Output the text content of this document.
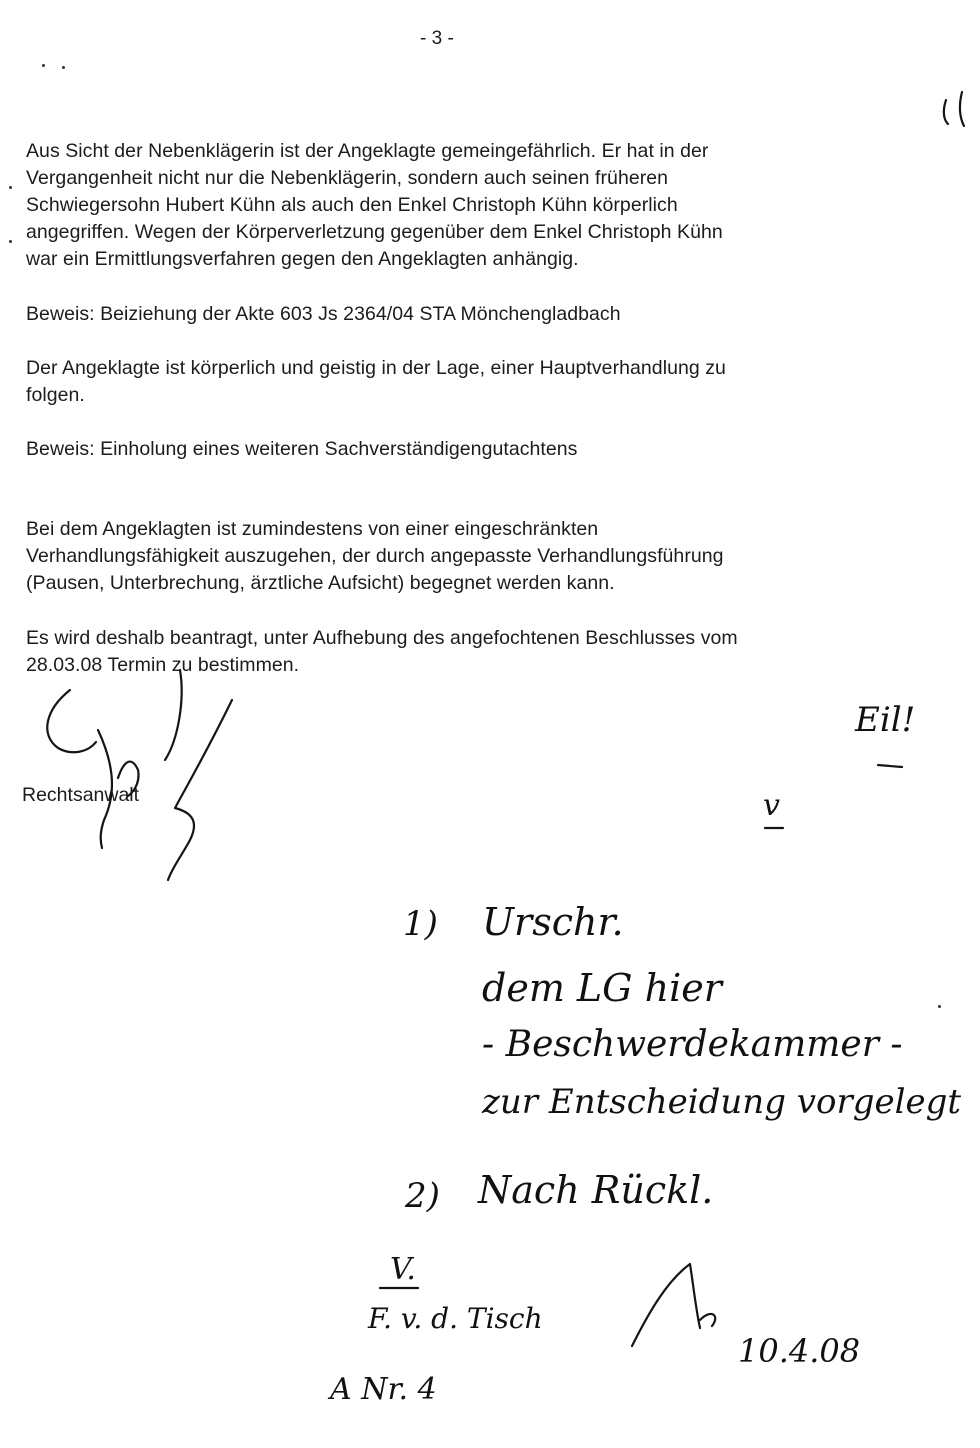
- 3 -
Aus Sicht der Nebenklägerin ist der Angeklagte gemeingefährlich. Er hat in der
Vergangenheit nicht nur die Nebenklägerin, sondern auch seinen früheren
Schwiegersohn Hubert Kühn als auch den Enkel Christoph Kühn körperlich
angegriffen. Wegen der Körperverletzung gegenüber dem Enkel Christoph Kühn
war ein Ermittlungsverfahren gegen den Angeklagten anhängig.
Beweis: Beiziehung der Akte 603 Js 2364/04 STA Mönchengladbach
Der Angeklagte ist körperlich und geistig in der Lage, einer Hauptverhandlung zu
folgen.
Beweis: Einholung eines weiteren Sachverständigengutachtens
Bei dem Angeklagten ist zumindestens von einer eingeschränkten
Verhandlungsfähigkeit auszugehen, der durch angepasste Verhandlungsführung
(Pausen, Unterbrechung, ärztliche Aufsicht) begegnet werden kann.
Es wird deshalb beantragt, unter Aufhebung des angefochtenen Beschlusses vom
28.03.08 Termin zu bestimmen.
Rechtsanwalt
Eil!
v
1) Urschr.
dem LG hier
- Beschwerdekammer -
zur Entscheidung vorgelegt
2) Nach Rückl.
V.
F. v. d. Tisch
10.4.08
A Nr. 4
